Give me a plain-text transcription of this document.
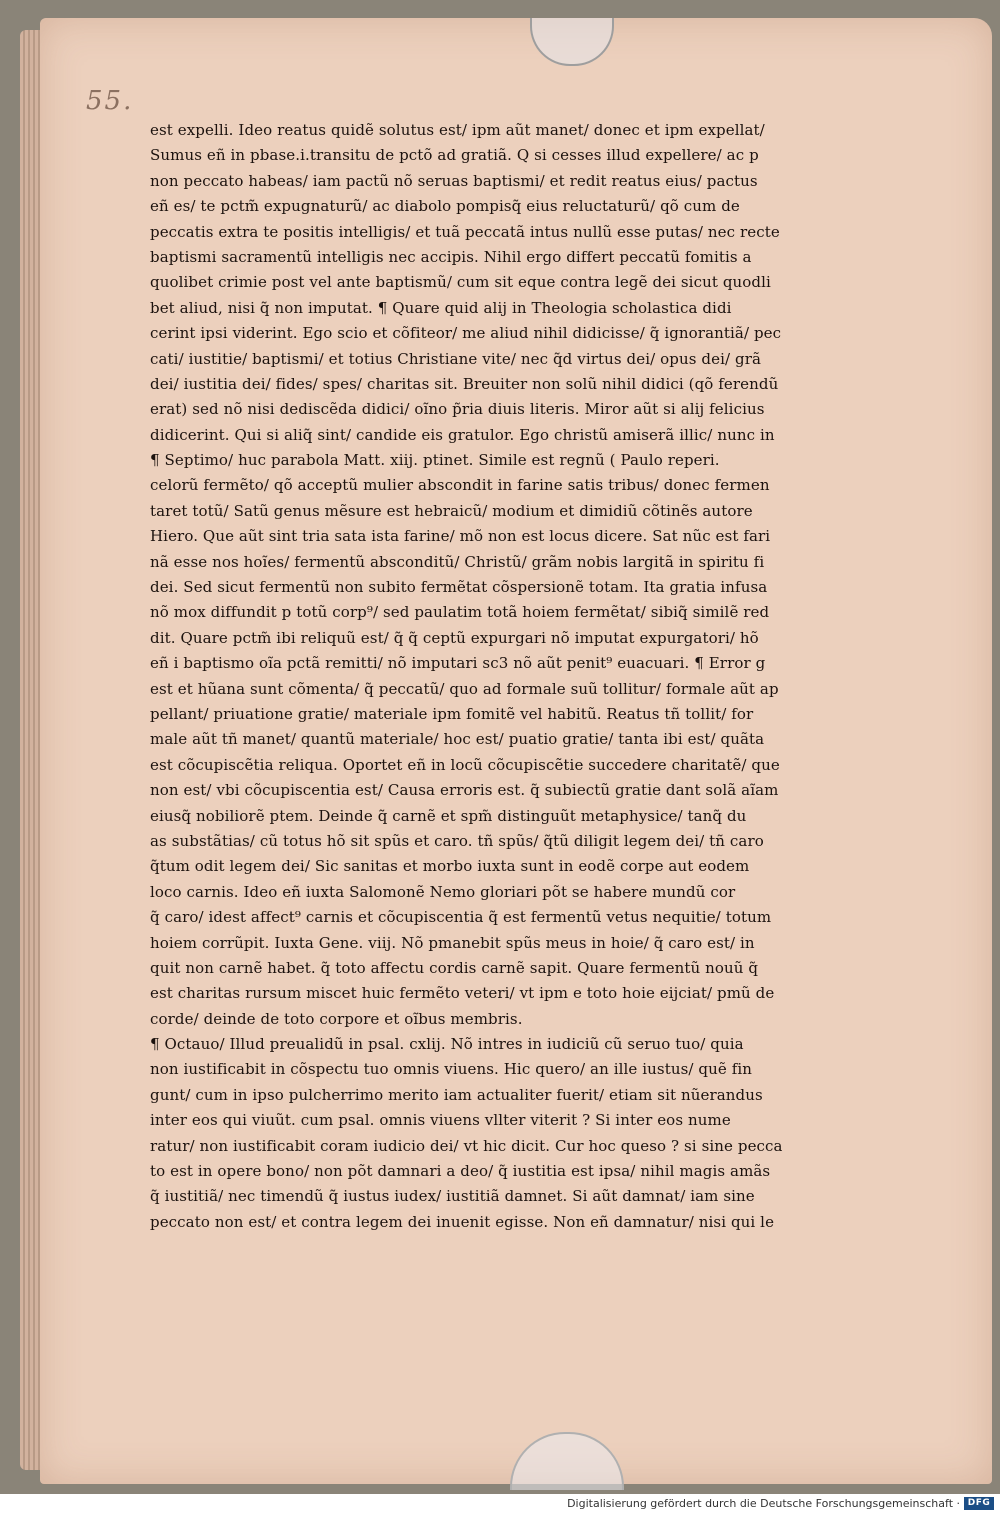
55.
est expelli. Ideo reatus quidẽ solutus est/ ipm aũt manet/ donec et ipm expellat/
Sumus eñ in pbase.i.transitu de pctõ ad gratiã. Q si cesses illud expellere/ ac p
non peccato habeas/ iam pactũ nõ seruas baptismi/ et redit reatus eius/ pactus
eñ es/ te pctm̃ expugnaturũ/ ac diabolo pompisq̃ eius reluctaturũ/ qõ cum de
peccatis extra te positis intelligis/ et tuã peccatã intus nullũ esse putas/ nec recte
baptismi sacramentũ intelligis nec accipis. Nihil ergo differt peccatũ fomitis a
quolibet crimie post vel ante baptismũ/ cum sit eque contra legẽ dei sicut quodli
bet aliud, nisi q̃ non imputat. ¶ Quare quid alij in Theologia scholastica didi
cerint ipsi viderint. Ego scio et cõfiteor/ me aliud nihil didicisse/ q̃ ignorantiã/ pec
cati/ iustitie/ baptismi/ et totius Christiane vite/ nec q̃d virtus dei/ opus dei/ grã
dei/ iustitia dei/ fides/ spes/ charitas sit. Breuiter non solũ nihil didici (qõ ferendũ
erat) sed nõ nisi dediscẽda didici/ oĩno p̃ria diuis literis. Miror aũt si alij felicius
didicerint. Qui si aliq̃ sint/ candide eis gratulor. Ego christũ amiserã illic/ nunc in
¶ Septimo/ huc parabola Matt. xiij. ptinet. Simile est regnũ ( Paulo reperi.
celorũ fermẽto/ qõ acceptũ mulier abscondit in farine satis tribus/ donec fermen
taret totũ/ Satũ genus mẽsure est hebraicũ/ modium et dimidiũ cõtinẽs autore
Hiero. Que aũt sint tria sata ista farine/ mõ non est locus dicere. Sat nũc est fari
nã esse nos hoĩes/ fermentũ absconditũ/ Christũ/ grãm nobis largitã in spiritu fi
dei. Sed sicut fermentũ non subito fermẽtat cõspersionẽ totam. Ita gratia infusa
nõ mox diffundit p totũ corp⁹/ sed paulatim totã hoiem fermẽtat/ sibiq̃ similẽ red
dit. Quare pctm̃ ibi reliquũ est/ q̃ q̃ ceptũ expurgari nõ imputat expurgatori/ hõ
eñ i baptismo oĩa pctã remitti/ nõ imputari sc3 nõ aũt penit⁹ euacuari. ¶ Error g
est et hũana sunt cõmenta/ q̃ peccatũ/ quo ad formale suũ tollitur/ formale aũt ap
pellant/ priuatione gratie/ materiale ipm fomitẽ vel habitũ. Reatus tñ tollit/ for
male aũt tñ manet/ quantũ materiale/ hoc est/ puatio gratie/ tanta ibi est/ quãta
est cõcupiscẽtia reliqua. Oportet eñ in locũ cõcupiscẽtie succedere charitatẽ/ que
non est/ vbi cõcupiscentia est/ Causa erroris est. q̃ subiectũ gratie dant solã aĩam
eiusq̃ nobiliorẽ ptem. Deinde q̃ carnẽ et spm̃ distinguũt metaphysice/ tanq̃ du
as substãtias/ cũ totus hõ sit spũs et caro. tñ spũs/ q̃tũ diligit legem dei/ tñ caro
q̃tum odit legem dei/ Sic sanitas et morbo iuxta sunt in eodẽ corpe aut eodem
loco carnis. Ideo eñ iuxta Salomonẽ Nemo gloriari põt se habere mundũ cor
q̃ caro/ idest affect⁹ carnis et cõcupiscentia q̃ est fermentũ vetus nequitie/ totum
hoiem corrũpit. Iuxta Gene. viij. Nõ pmanebit spũs meus in hoie/ q̃ caro est/ in
quit non carnẽ habet. q̃ toto affectu cordis carnẽ sapit. Quare fermentũ nouũ q̃
est charitas rursum miscet huic fermẽto veteri/ vt ipm e toto hoie eijciat/ pmũ de
corde/ deinde de toto corpore et oĩbus membris.
¶ Octauo/ Illud preualidũ in psal. cxlij. Nõ intres in iudiciũ cũ seruo tuo/ quia
non iustificabit in cõspectu tuo omnis viuens. Hic quero/ an ille iustus/ quẽ fin
gunt/ cum in ipso pulcherrimo merito iam actualiter fuerit/ etiam sit nũerandus
inter eos qui viuũt. cum psal. omnis viuens vllter viterit ? Si inter eos nume
ratur/ non iustificabit coram iudicio dei/ vt hic dicit. Cur hoc queso ? si sine pecca
to est in opere bono/ non põt damnari a deo/ q̃ iustitia est ipsa/ nihil magis amãs
q̃ iustitiã/ nec timendũ q̃ iustus iudex/ iustitiã damnet. Si aũt damnat/ iam sine
peccato non est/ et contra legem dei inuenit egisse. Non eñ damnatur/ nisi qui le
Digitalisierung gefördert durch die Deutsche Forschungsgemeinschaft · DFG
